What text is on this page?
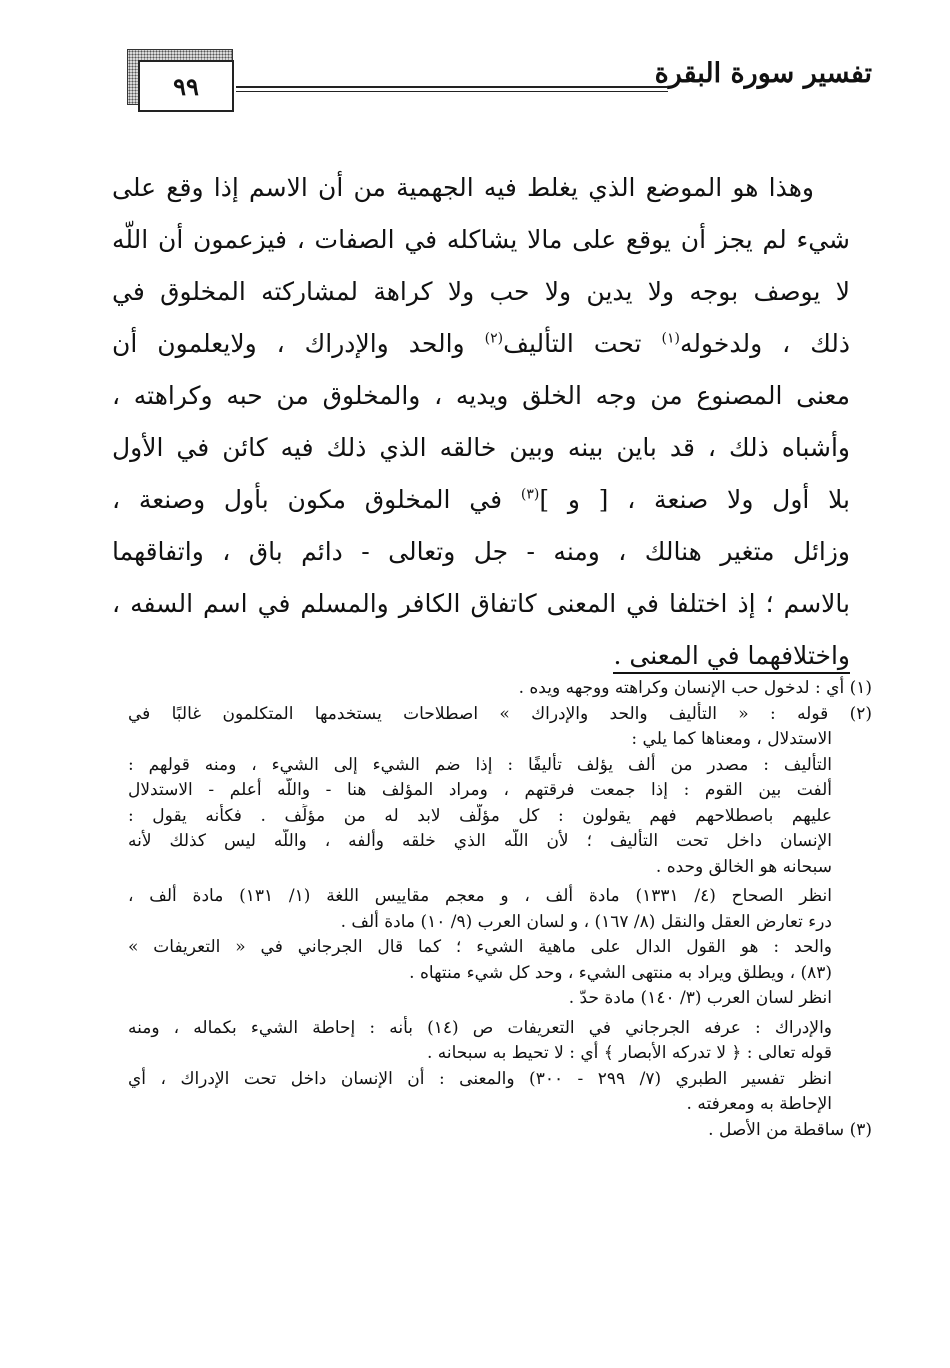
تفسير سورة البقرة
٩٩
وهذا هو الموضع الذي يغلط فيه الجهمية من أن الاسم إذا وقع على
شيء لم يجز أن يوقع على مالا يشاكله في الصفات ، فيزعمون أن اللّه
لا يوصف بوجه ولا يدين ولا حب ولا كراهة لمشاركته المخلوق في
ذلك ، ولدخوله$^{(١)}$ تحت التأليف$^{(٢)}$ والحد والإدراك ، ولايعلمون أن
معنى المصنوع من وجه الخلق ويديه ، والمخلوق من حبه وكراهته ،
وأشباه ذلك ، قد باين بينه وبين خالقه الذي ذلك فيه كائن في الأول
بلا أول ولا صنعة ، [ و ]$^{(٣)}$ في المخلوق مكون بأول وصنعة ،
وزائل متغير هنالك ، ومنه - جل وتعالى - دائم باق ، واتفاقهما
بالاسم ؛ إذ اختلفا في المعنى كاتفاق الكافر والمسلم في اسم السفه ،
واختلافهما في المعنى .
(١) أي : لدخول حب الإنسان وكراهته ووجهه ويده .
(٢) قوله : « التأليف والحد والإدراك » اصطلاحات يستخدمها المتكلمون غالبًا في
الاستدلال ، ومعناها كما يلي :
التأليف : مصدر من ألف يؤلف تأليفًا : إذا ضم الشيء إلى الشيء ، ومنه قولهم :
ألفت بين القوم : إذا جمعت فرقتهم ، ومراد المؤلف هنا - واللّه أعلم - الاستدلال
عليهم باصطلاحهم فهم يقولون : كل مؤلَّف لابد له من مؤلِّف . فكأنه يقول :
الإنسان داخل تحت التأليف ؛ لأن اللّه الذي خلقه وألفه ، واللّه ليس كذلك لأنه
سبحانه هو الخالق وحده .
انظر الصحاح (٤/ ١٣٣١) مادة ألف ، و معجم مقاييس اللغة (١/ ١٣١) مادة ألف ،
درء تعارض العقل والنقل (٨/ ١٦٧) ، و لسان العرب (٩/ ١٠) مادة ألف .
والحد : هو القول الدال على ماهية الشيء ؛ كما قال الجرجاني في « التعريفات »
(٨٣) ، ويطلق ويراد به منتهى الشيء ، وحد كل شيء منتهاه .
انظر لسان العرب (٣/ ١٤٠) مادة حدّ .
والإدراك : عرفه الجرجاني في التعريفات ص (١٤) بأنه : إحاطة الشيء بكماله ، ومنه
قوله تعالى : ﴿ لا تدركه الأبصار ﴾ أي : لا تحيط به سبحانه .
انظر تفسير الطبري (٧/ ٢٩٩ - ٣٠٠) والمعنى : أن الإنسان داخل تحت الإدراك ، أي
الإحاطة به ومعرفته .
(٣) ساقطة من الأصل .
